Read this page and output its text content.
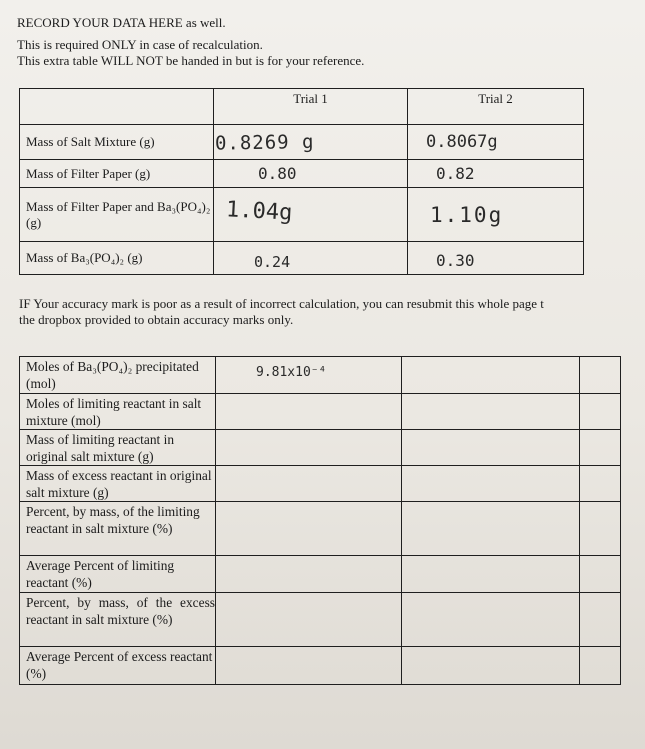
RECORD YOUR DATA HERE as well.
This is required ONLY in case of recalculation.
This extra table WILL NOT be handed in but is for your reference.
	Trial 1	Trial 2
Mass of Salt Mixture (g)	0.8269 g	0.8067g

Mass of Filter Paper (g)	0.80	0.82

Mass of Filter Paper and Ba₃(PO₄)₂ (g)	1.04g	1.10g

Mass of Ba₃(PO₄)₂ (g)	0.24	0.30
IF Your accuracy mark is poor as a result of incorrect calculation, you can resubmit this whole page t
the dropbox provided to obtain accuracy marks only.
Moles of Ba₃(PO₄)₂ precipitated (mol)	9.81x10⁻⁴		

Moles of limiting reactant in salt mixture (mol)			
Mass of limiting reactant in original salt mixture (g)			
Mass of excess reactant in original salt mixture (g)			
Percent, by mass, of the limiting reactant in salt mixture (%)			
Average Percent of limiting reactant (%)			
Percent, by mass, of the excess reactant in salt mixture (%)			
Average Percent of excess reactant (%)			
